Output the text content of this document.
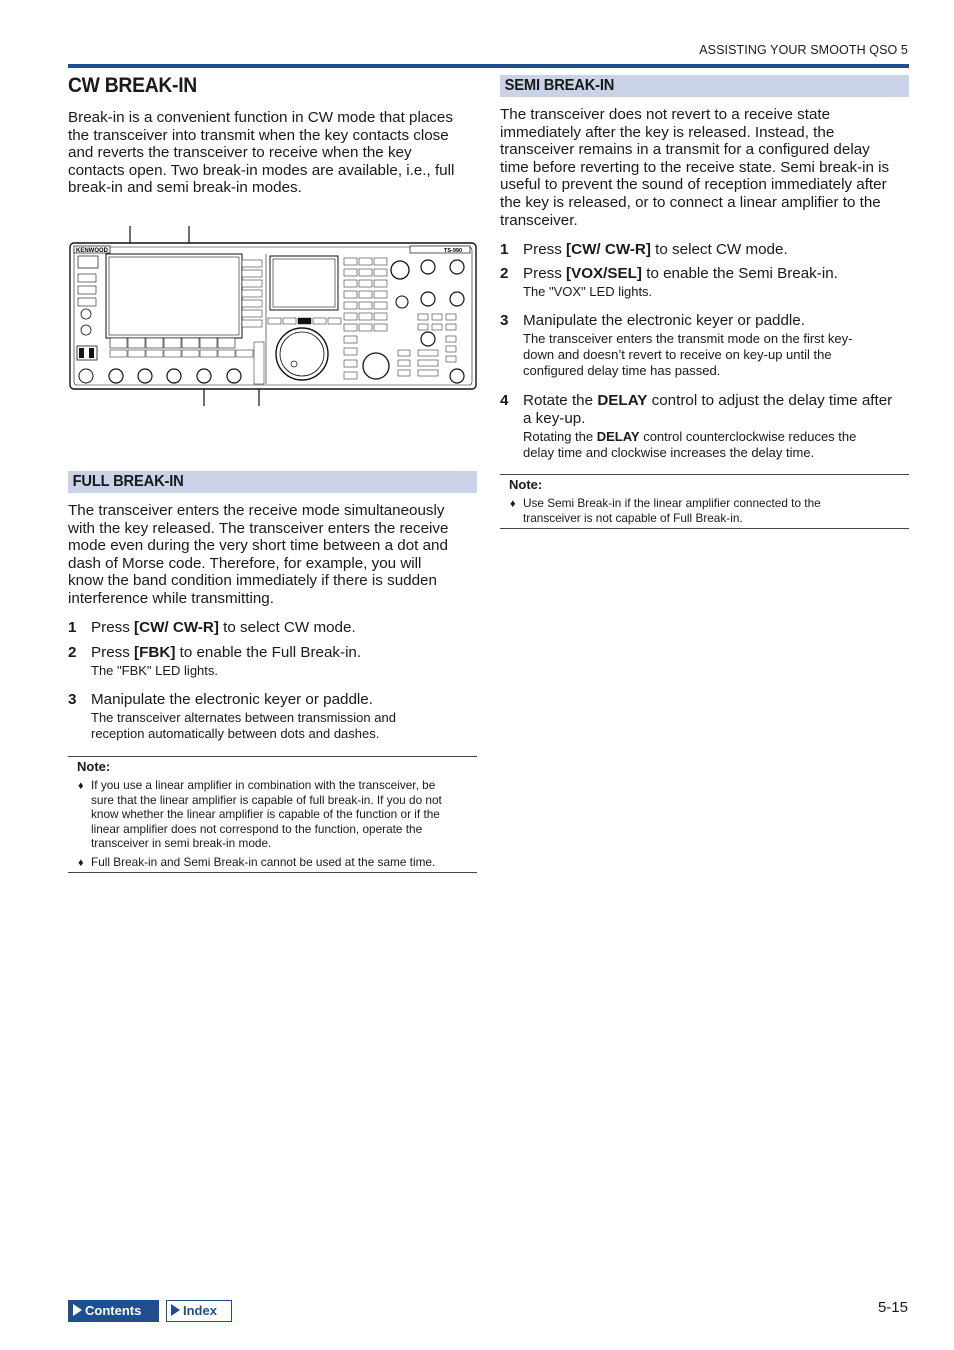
ASSISTING YOUR SMOOTH QSO 5
CW BREAK-IN
Break-in is a convenient function in CW mode that places
the transceiver into transmit when the key contacts close
and reverts the transceiver to receive when the key
contacts open. Two break-in modes are available, i.e., full
break-in and semi break-in modes.
KENWOOD	TS-990
FULL BREAK-IN
The transceiver enters the receive mode simultaneously
with the key released. The transceiver enters the receive
mode even during the very short time between a dot and
dash of Morse code. Therefore, for example, you will
know the band condition immediately if there is sudden
interference while transmitting.
1 Press [CW/ CW-R] to select CW mode.
2 Press [FBK] to enable the Full Break-in.
The "FBK" LED lights.
3 Manipulate the electronic keyer or paddle.
The transceiver alternates between transmission and
reception automatically between dots and dashes.
Note:
♦ If you use a linear amplifier in combination with the transceiver, be
sure that the linear amplifier is capable of full break-in. If you do not
know whether the linear amplifier is capable of the function or if the
linear amplifier does not correspond to the function, operate the
transceiver in semi break-in mode.
♦ Full Break-in and Semi Break-in cannot be used at the same time.
SEMI BREAK-IN
The transceiver does not revert to a receive state
immediately after the key is released. Instead, the
transceiver remains in a transmit for a configured delay
time before reverting to the receive state. Semi break-in is
useful to prevent the sound of reception immediately after
the key is released, or to connect a linear amplifier to the
transceiver.
1 Press [CW/ CW-R] to select CW mode.
2 Press [VOX/SEL] to enable the Semi Break-in.
The "VOX" LED lights.
3 Manipulate the electronic keyer or paddle.
The transceiver enters the transmit mode on the first key-
down and doesn’t revert to receive on key-up until the
configured delay time has passed.
4 Rotate the DELAY control to adjust the delay time after
a key-up.
Rotating the DELAY control counterclockwise reduces the
delay time and clockwise increases the delay time.
Note:
♦ Use Semi Break-in if the linear amplifier connected to the
transceiver is not capable of Full Break-in.
Contents	Index	5-15
